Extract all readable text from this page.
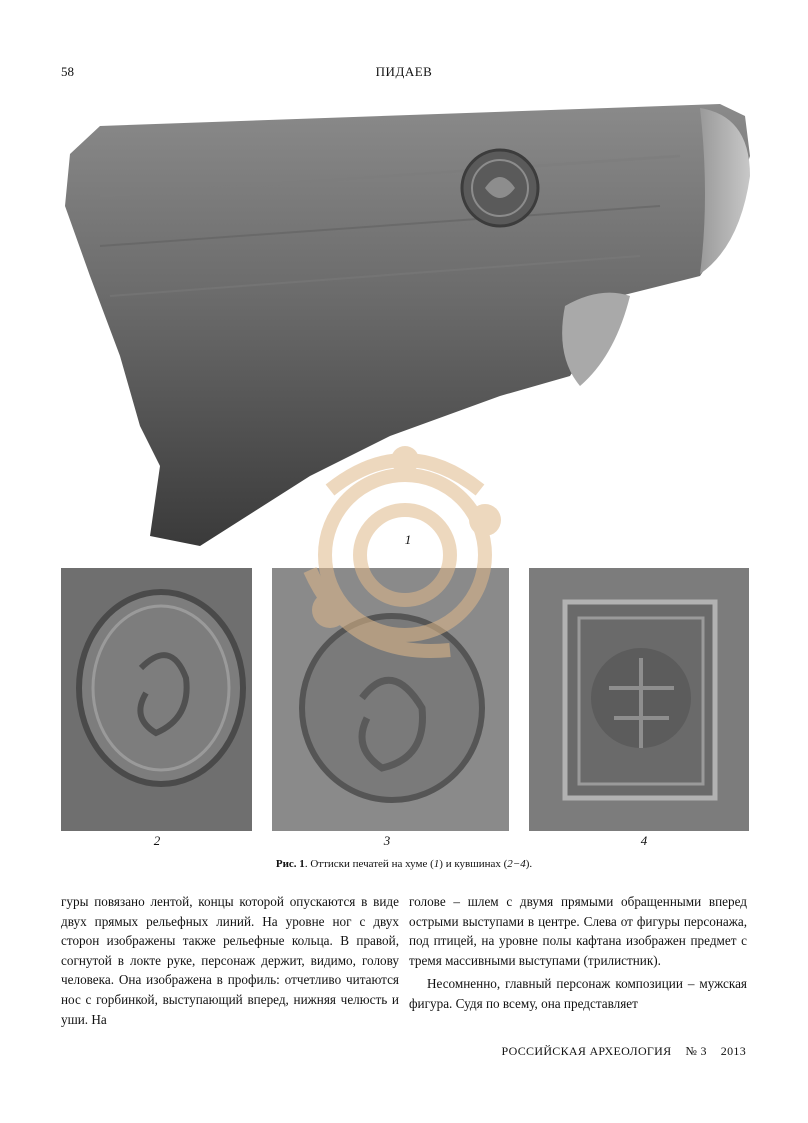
58	ПИДАЕВ
1
2	3	4
Рис. 1. Оттиски печатей на хуме (1) и кувшинах (2−4).

гуры повязано лентой, концы которой опускаются в виде двух прямых рельефных линий. На уровне ног с двух сторон изображены также рельефные кольца. В правой, согнутой в локте руке, персонаж держит, видимо, голову человека. Она изображена в профиль: отчетливо читаются нос с горбинкой, выступающий вперед, нижняя челюсть и уши. На

голове – шлем с двумя прямыми обращенными вперед острыми выступами в центре. Слева от фигуры персонажа, под птицей, на уровне полы кафтана изображен предмет с тремя массивными выступами (трилистник).

Несомненно, главный персонаж композиции – мужская фигура. Судя по всему, она представляет

РОССИЙСКАЯ АРХЕОЛОГИЯ № 3 2013
